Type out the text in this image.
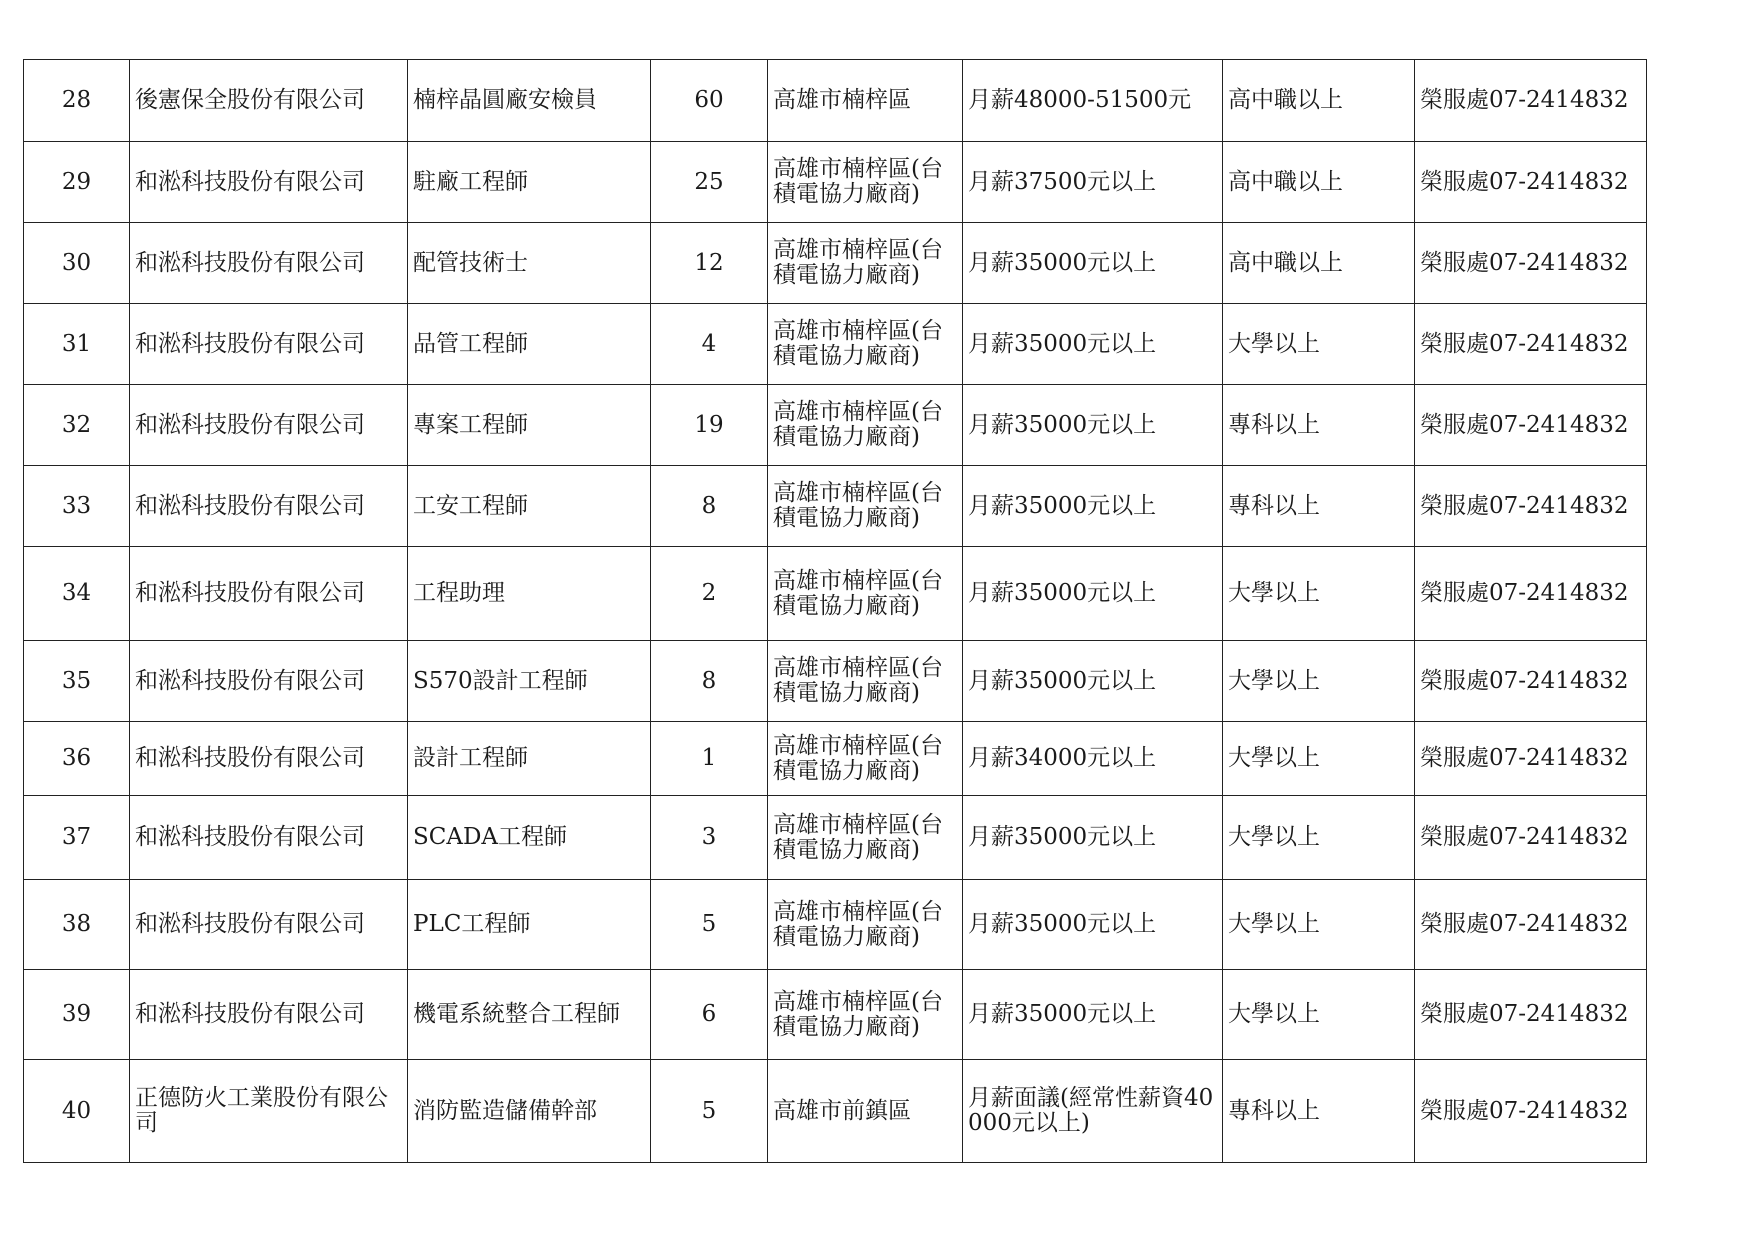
28	後憲保全股份有限公司	楠梓晶圓廠安檢員	60	高雄市楠梓區	月薪48000-51500元	高中職以上	榮服處07-2414832
29	和淞科技股份有限公司	駐廠工程師	25	高雄市楠梓區(台積電協力廠商)	月薪37500元以上	高中職以上	榮服處07-2414832
30	和淞科技股份有限公司	配管技術士	12	高雄市楠梓區(台積電協力廠商)	月薪35000元以上	高中職以上	榮服處07-2414832
31	和淞科技股份有限公司	品管工程師	4	高雄市楠梓區(台積電協力廠商)	月薪35000元以上	大學以上	榮服處07-2414832
32	和淞科技股份有限公司	專案工程師	19	高雄市楠梓區(台積電協力廠商)	月薪35000元以上	專科以上	榮服處07-2414832
33	和淞科技股份有限公司	工安工程師	8	高雄市楠梓區(台積電協力廠商)	月薪35000元以上	專科以上	榮服處07-2414832
34	和淞科技股份有限公司	工程助理	2	高雄市楠梓區(台積電協力廠商)	月薪35000元以上	大學以上	榮服處07-2414832
35	和淞科技股份有限公司	S570設計工程師	8	高雄市楠梓區(台積電協力廠商)	月薪35000元以上	大學以上	榮服處07-2414832
36	和淞科技股份有限公司	設計工程師	1	高雄市楠梓區(台積電協力廠商)	月薪34000元以上	大學以上	榮服處07-2414832
37	和淞科技股份有限公司	SCADA工程師	3	高雄市楠梓區(台積電協力廠商)	月薪35000元以上	大學以上	榮服處07-2414832
38	和淞科技股份有限公司	PLC工程師	5	高雄市楠梓區(台積電協力廠商)	月薪35000元以上	大學以上	榮服處07-2414832
39	和淞科技股份有限公司	機電系統整合工程師	6	高雄市楠梓區(台積電協力廠商)	月薪35000元以上	大學以上	榮服處07-2414832
40	正德防火工業股份有限公司	消防監造儲備幹部	5	高雄市前鎮區	月薪面議(經常性薪資40000元以上)	專科以上	榮服處07-2414832
